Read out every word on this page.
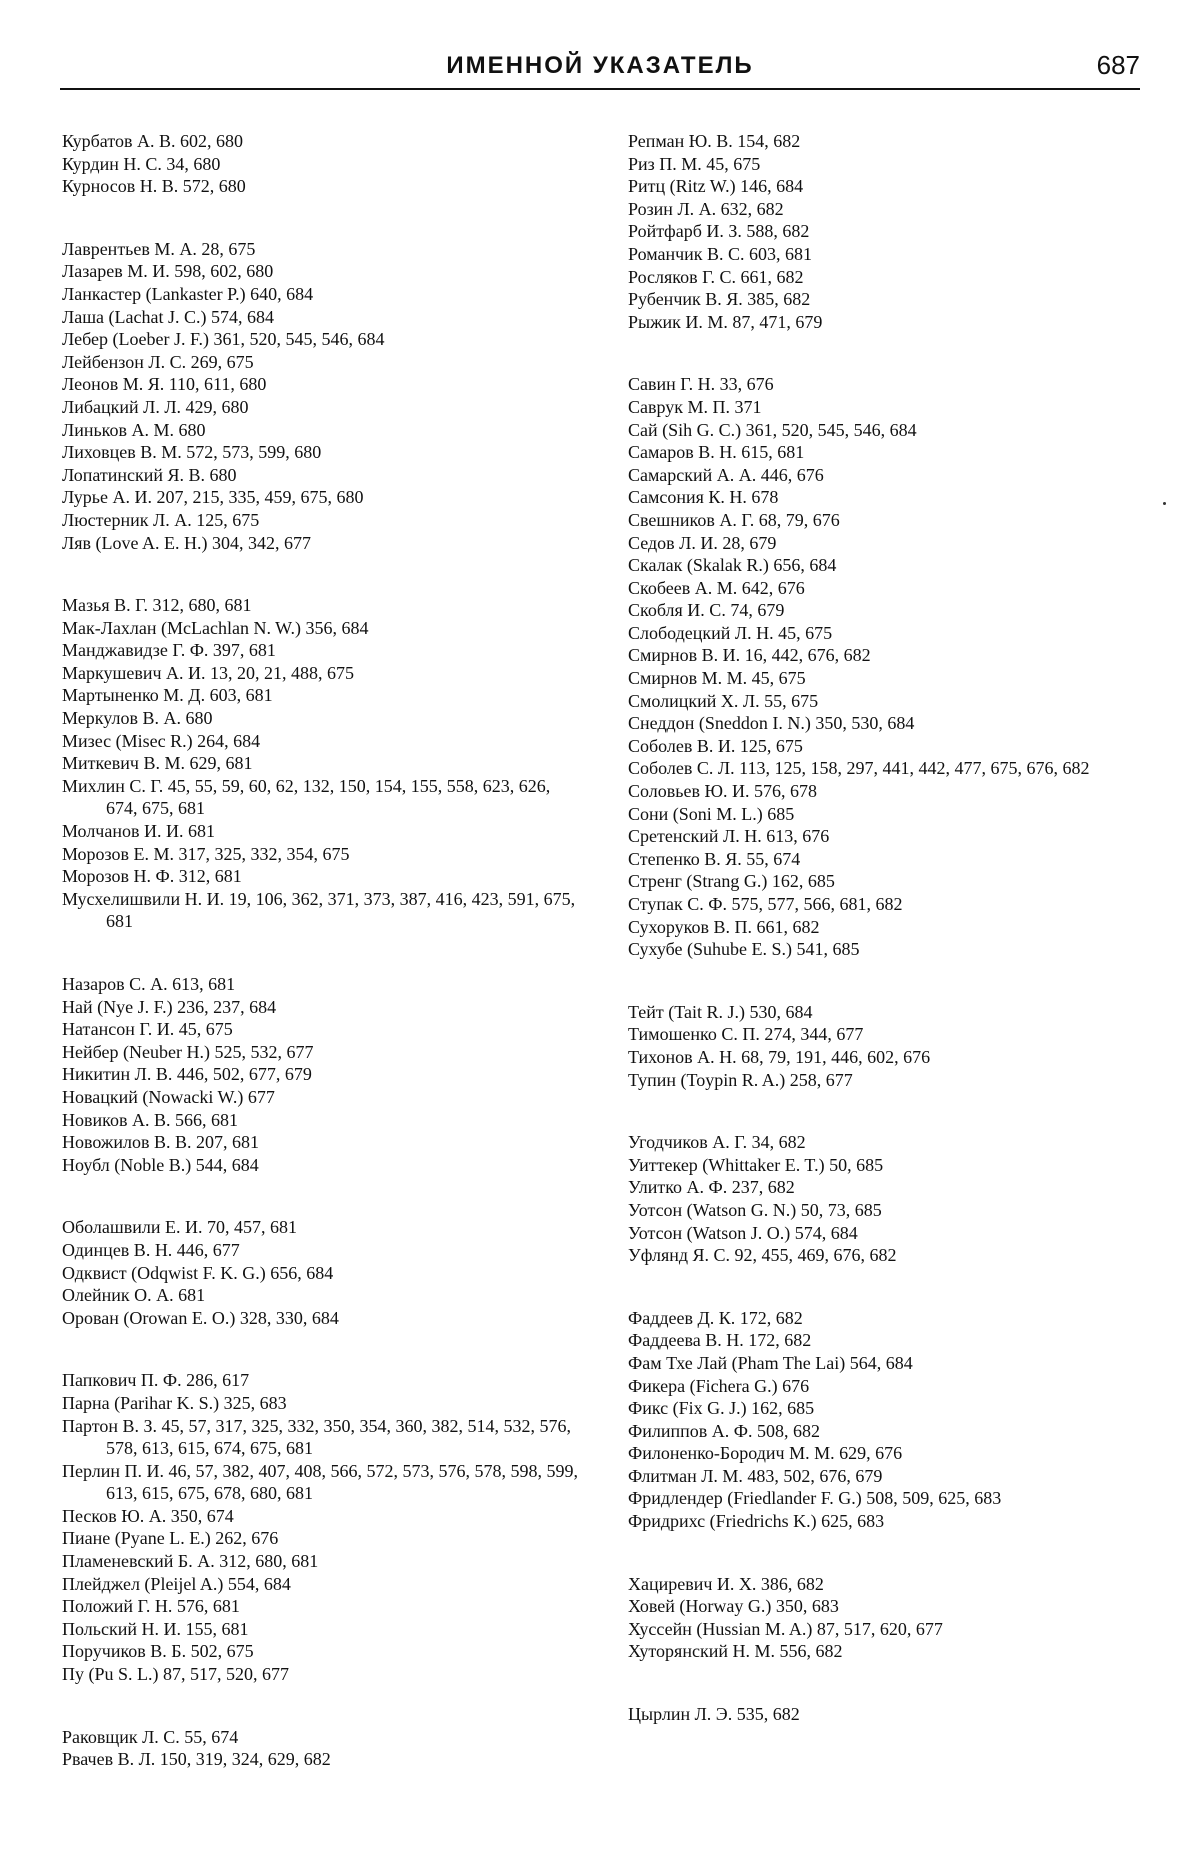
ИМЕННОЙ УКАЗАТЕЛЬ	687
Курбатов А. В. 602, 680
Курдин Н. С. 34, 680
Курносов Н. В. 572, 680
Лаврентьев М. А. 28, 675
Лазарев М. И. 598, 602, 680
Ланкастер (Lankaster P.) 640, 684
Лаша (Lachat J. C.) 574, 684
Лебер (Loeber J. F.) 361, 520, 545, 546, 684
Лейбензон Л. С. 269, 675
Леонов М. Я. 110, 611, 680
Либацкий Л. Л. 429, 680
Линьков А. М. 680
Лиховцев В. М. 572, 573, 599, 680
Лопатинский Я. В. 680
Лурье А. И. 207, 215, 335, 459, 675, 680
Люстерник Л. А. 125, 675
Ляв (Love A. E. H.) 304, 342, 677
Мазья В. Г. 312, 680, 681
Мак-Лахлан (McLachlan N. W.) 356, 684
Манджавидзе Г. Ф. 397, 681
Маркушевич А. И. 13, 20, 21, 488, 675
Мартыненко М. Д. 603, 681
Меркулов В. А. 680
Мизес (Misec R.) 264, 684
Миткевич В. М. 629, 681
Михлин С. Г. 45, 55, 59, 60, 62, 132, 150, 154, 155, 558, 623, 626, 674, 675, 681
Молчанов И. И. 681
Морозов Е. М. 317, 325, 332, 354, 675
Морозов Н. Ф. 312, 681
Мусхелишвили Н. И. 19, 106, 362, 371, 373, 387, 416, 423, 591, 675, 681
Назаров С. А. 613, 681
Най (Nye J. F.) 236, 237, 684
Натансон Г. И. 45, 675
Нейбер (Neuber H.) 525, 532, 677
Никитин Л. В. 446, 502, 677, 679
Новацкий (Nowacki W.) 677
Новиков А. В. 566, 681
Новожилов В. В. 207, 681
Ноубл (Noble B.) 544, 684
Оболашвили Е. И. 70, 457, 681
Одинцев В. Н. 446, 677
Одквист (Odqwist F. K. G.) 656, 684
Олейник О. А. 681
Орован (Orowan E. O.) 328, 330, 684
Папкович П. Ф. 286, 617
Парна (Parihar K. S.) 325, 683
Партон В. З. 45, 57, 317, 325, 332, 350, 354, 360, 382, 514, 532, 576, 578, 613, 615, 674, 675, 681
Перлин П. И. 46, 57, 382, 407, 408, 566, 572, 573, 576, 578, 598, 599, 613, 615, 675, 678, 680, 681
Песков Ю. А. 350, 674
Пиане (Pyane L. E.) 262, 676
Пламеневский Б. А. 312, 680, 681
Плейджел (Pleijel A.) 554, 684
Положий Г. Н. 576, 681
Польский Н. И. 155, 681
Поручиков В. Б. 502, 675
Пу (Pu S. L.) 87, 517, 520, 677
Раковщик Л. С. 55, 674
Рвачев В. Л. 150, 319, 324, 629, 682
Репман Ю. В. 154, 682
Риз П. М. 45, 675
Ритц (Ritz W.) 146, 684
Розин Л. А. 632, 682
Ройтфарб И. З. 588, 682
Романчик В. С. 603, 681
Росляков Г. С. 661, 682
Рубенчик В. Я. 385, 682
Рыжик И. М. 87, 471, 679
Савин Г. Н. 33, 676
Саврук М. П. 371
Сай (Sih G. C.) 361, 520, 545, 546, 684
Самаров В. Н. 615, 681
Самарский А. А. 446, 676
Самсония К. Н. 678
Свешников А. Г. 68, 79, 676
Седов Л. И. 28, 679
Скалак (Skalak R.) 656, 684
Скобеев А. М. 642, 676
Скобля И. С. 74, 679
Слободецкий Л. Н. 45, 675
Смирнов В. И. 16, 442, 676, 682
Смирнов М. М. 45, 675
Смолицкий Х. Л. 55, 675
Снеддон (Sneddon I. N.) 350, 530, 684
Соболев В. И. 125, 675
Соболев С. Л. 113, 125, 158, 297, 441, 442, 477, 675, 676, 682
Соловьев Ю. И. 576, 678
Сони (Soni M. L.) 685
Сретенский Л. Н. 613, 676
Степенко В. Я. 55, 674
Стренг (Strang G.) 162, 685
Ступак С. Ф. 575, 577, 566, 681, 682
Сухоруков В. П. 661, 682
Сухубе (Suhube E. S.) 541, 685
Тейт (Tait R. J.) 530, 684
Тимошенко С. П. 274, 344, 677
Тихонов А. Н. 68, 79, 191, 446, 602, 676
Тупин (Toypin R. A.) 258, 677
Угодчиков А. Г. 34, 682
Уиттекер (Whittaker E. T.) 50, 685
Улитко А. Ф. 237, 682
Уотсон (Watson G. N.) 50, 73, 685
Уотсон (Watson J. O.) 574, 684
Уфлянд Я. С. 92, 455, 469, 676, 682
Фаддеев Д. К. 172, 682
Фаддеева В. Н. 172, 682
Фам Тхе Лай (Pham The Lai) 564, 684
Фикера (Fichera G.) 676
Фикс (Fix G. J.) 162, 685
Филиппов А. Ф. 508, 682
Филоненко-Бородич М. М. 629, 676
Флитман Л. М. 483, 502, 676, 679
Фридлендер (Friedlander F. G.) 508, 509, 625, 683
Фридрихс (Friedrichs K.) 625, 683
Хациревич И. Х. 386, 682
Ховей (Horway G.) 350, 683
Хуссейн (Hussian M. A.) 87, 517, 620, 677
Хуторянский Н. М. 556, 682
Цырлин Л. Э. 535, 682
